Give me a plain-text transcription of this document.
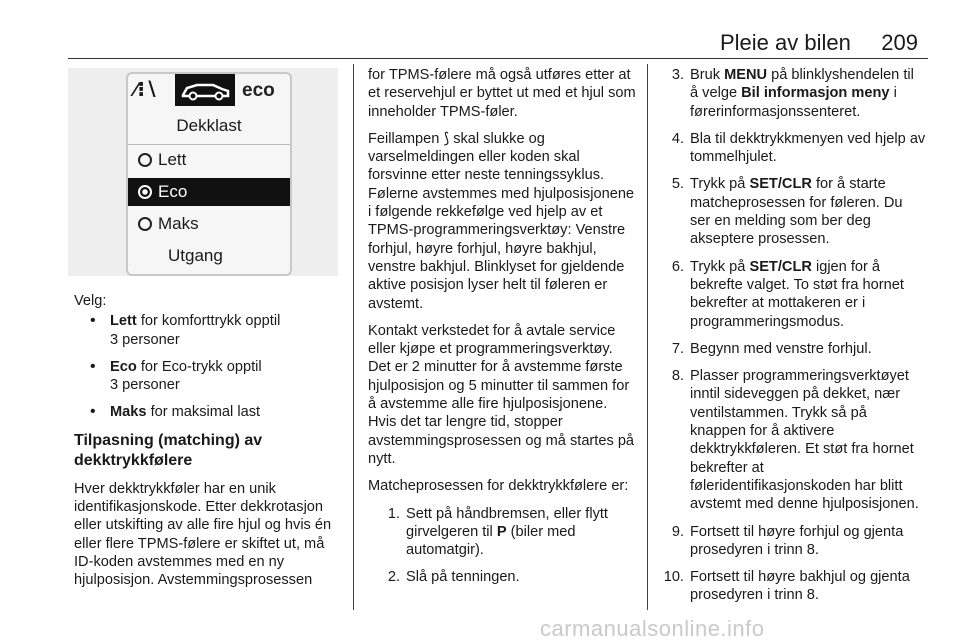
Pleie av bilen 209
∕⁝∖	eco
Dekklast
Lett
Eco
Maks
Utgang

Velg:

• Lett for komforttrykk opptil
3 personer
• Eco for Eco-trykk opptil
3 personer
• Maks for maksimal last
Tilpasning (matching) av dekktrykkfølere

Hver dekktrykkføler har en unik identifikasjonskode. Etter dekkrotasjon eller utskifting av alle fire hjul og hvis én eller flere TPMS-følere er skiftet ut, må ID-koden avstemmes med en ny hjulposisjon. Avstemmingsprosessen

for TPMS-følere må også utføres etter at et reservehjul er byttet ut med et hjul som inneholder TPMS-føler.

Feillampen ⟆ skal slukke og varselmeldingen eller koden skal forsvinne etter neste tenningssyklus. Følerne avstemmes med hjulposisjonene i følgende rekkefølge ved hjelp av et TPMS-programmeringsverktøy: Venstre forhjul, høyre forhjul, høyre bakhjul, venstre bakhjul. Blinklyset for gjeldende aktive posisjon lyser helt til føleren er avstemt.

Kontakt verkstedet for å avtale service eller kjøpe et programmeringsverktøy. Det er 2 minutter for å avstemme første hjulposisjon og 5 minutter til sammen for å avstemme alle fire hjulposisjonene. Hvis det tar lengre tid, stopper avstemmingsprosessen og må startes på nytt.

Matcheprosessen for dekktrykkfølere er:

1. Sett på håndbremsen, eller flytt girvelgeren til P (biler med automatgir).
2. Slå på tenningen.
3. Bruk MENU på blinklyshendelen til å velge Bil informasjon meny i førerinformasjonssenteret.
4. Bla til dekktrykkmenyen ved hjelp av tommelhjulet.
5. Trykk på SET/CLR for å starte matcheprosessen for føleren. Du ser en melding som ber deg akseptere prosessen.
6. Trykk på SET/CLR igjen for å bekrefte valget. To støt fra hornet bekrefter at mottakeren er i programmeringsmodus.
7. Begynn med venstre forhjul.
8. Plasser programmeringsverktøyet inntil sideveggen på dekket, nær ventilstammen. Trykk så på knappen for å aktivere dekktrykkføleren. Et støt fra hornet bekrefter at føleridentifikasjonskoden har blitt avstemt med denne hjulposisjonen.
9. Fortsett til høyre forhjul og gjenta prosedyren i trinn 8.
10. Fortsett til høyre bakhjul og gjenta prosedyren i trinn 8.
carmanualsonline.info
